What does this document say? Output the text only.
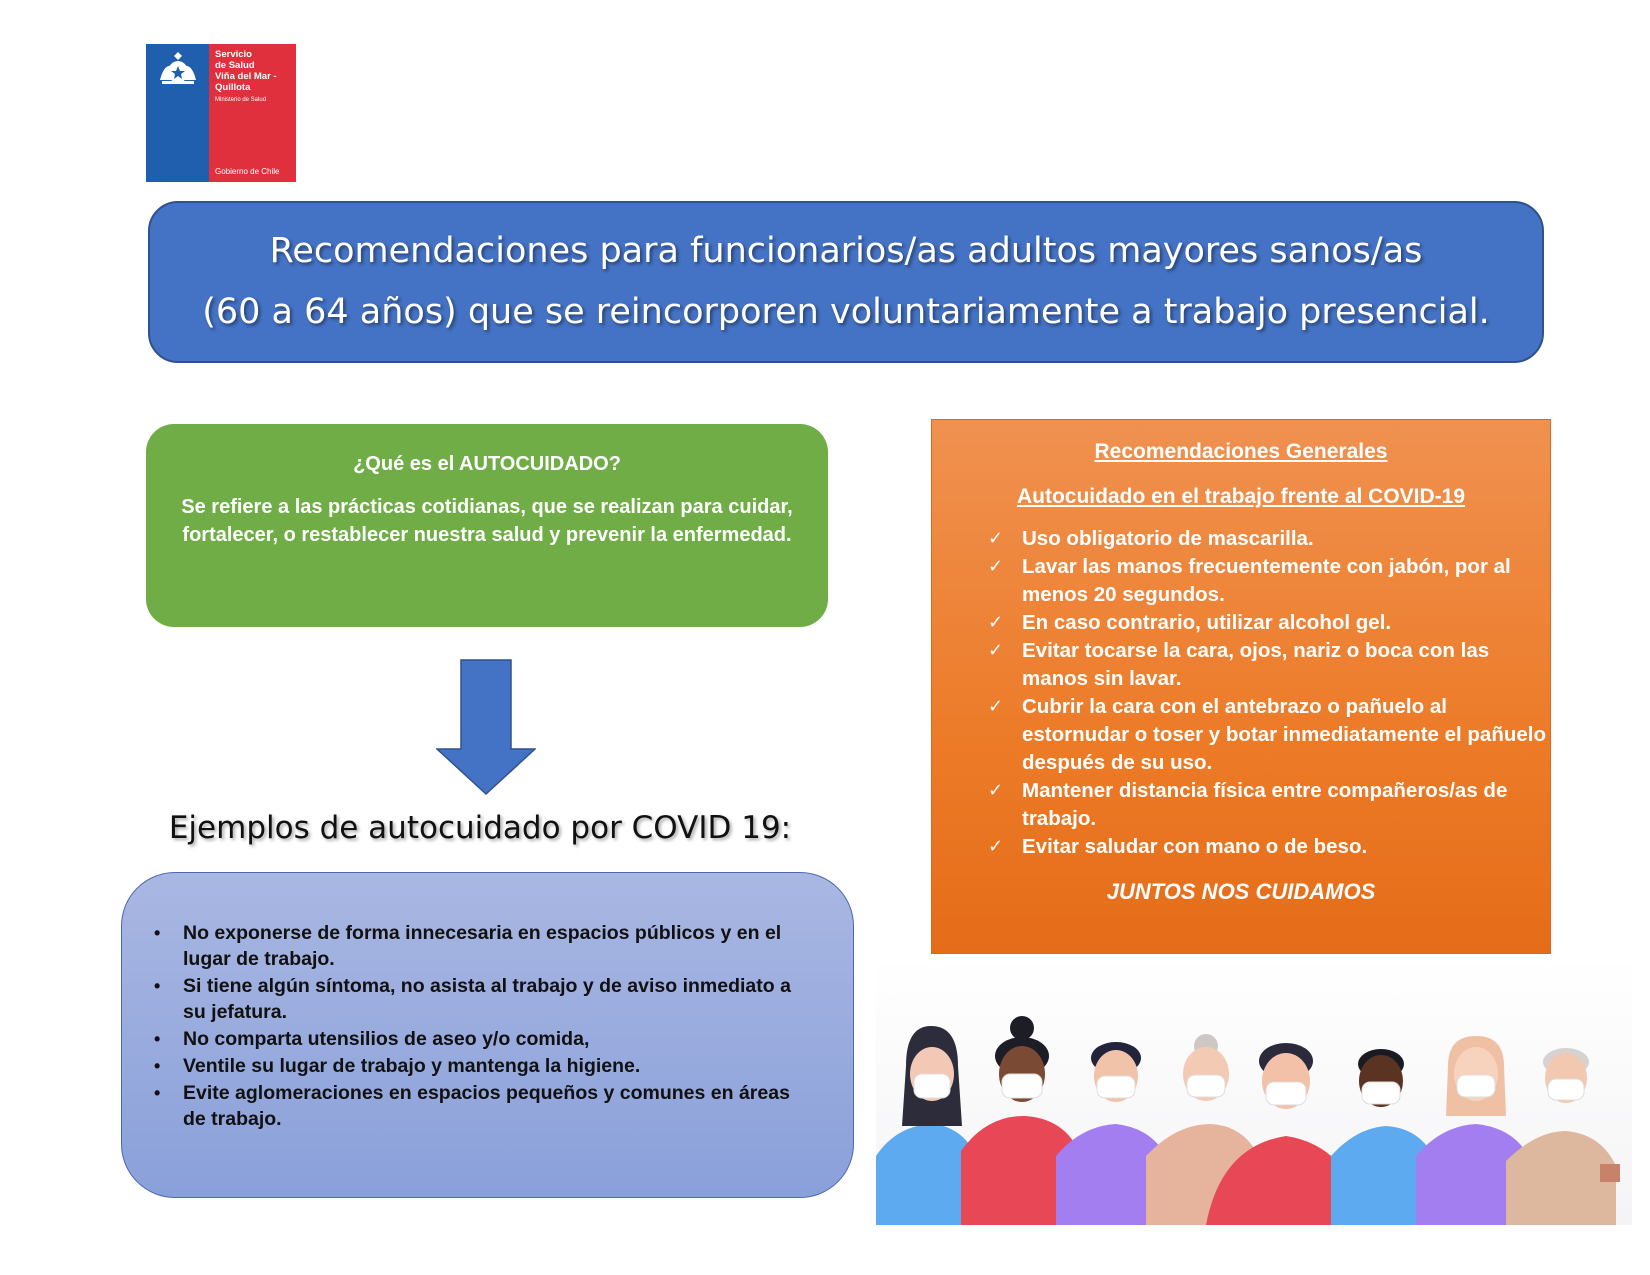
Servicio
de Salud
Viña del Mar -
Quillota
Ministerio de Salud
Gobierno de Chile
Recomendaciones para funcionarios/as adultos mayores sanos/as
(60 a 64 años) que se reincorporen voluntariamente a trabajo presencial.
¿Qué es el AUTOCUIDADO?
Se refiere a las prácticas cotidianas, que se realizan para cuidar, fortalecer, o restablecer nuestra salud y prevenir la enfermedad.
Ejemplos de autocuidado por COVID 19:
• No exponerse de forma innecesaria en espacios públicos y en el lugar de trabajo.
• Si tiene algún síntoma, no asista al trabajo y de aviso inmediato a su jefatura.
• No comparta utensilios de aseo y/o comida,
• Ventile su lugar de trabajo y mantenga la higiene.
• Evite aglomeraciones en espacios pequeños y comunes en áreas de trabajo.
Recomendaciones Generales
Autocuidado en el trabajo frente al COVID-19
✓ Uso obligatorio de mascarilla.
✓ Lavar las manos frecuentemente con jabón, por al menos 20 segundos.
✓ En caso contrario, utilizar alcohol gel.
✓ Evitar tocarse la cara, ojos, nariz o boca con las manos sin lavar.
✓ Cubrir la cara con el antebrazo o pañuelo al estornudar o toser y botar inmediatamente el pañuelo después de su uso.
✓ Mantener distancia física entre compañeros/as de trabajo.
✓ Evitar saludar con mano o de beso.
JUNTOS NOS CUIDAMOS
